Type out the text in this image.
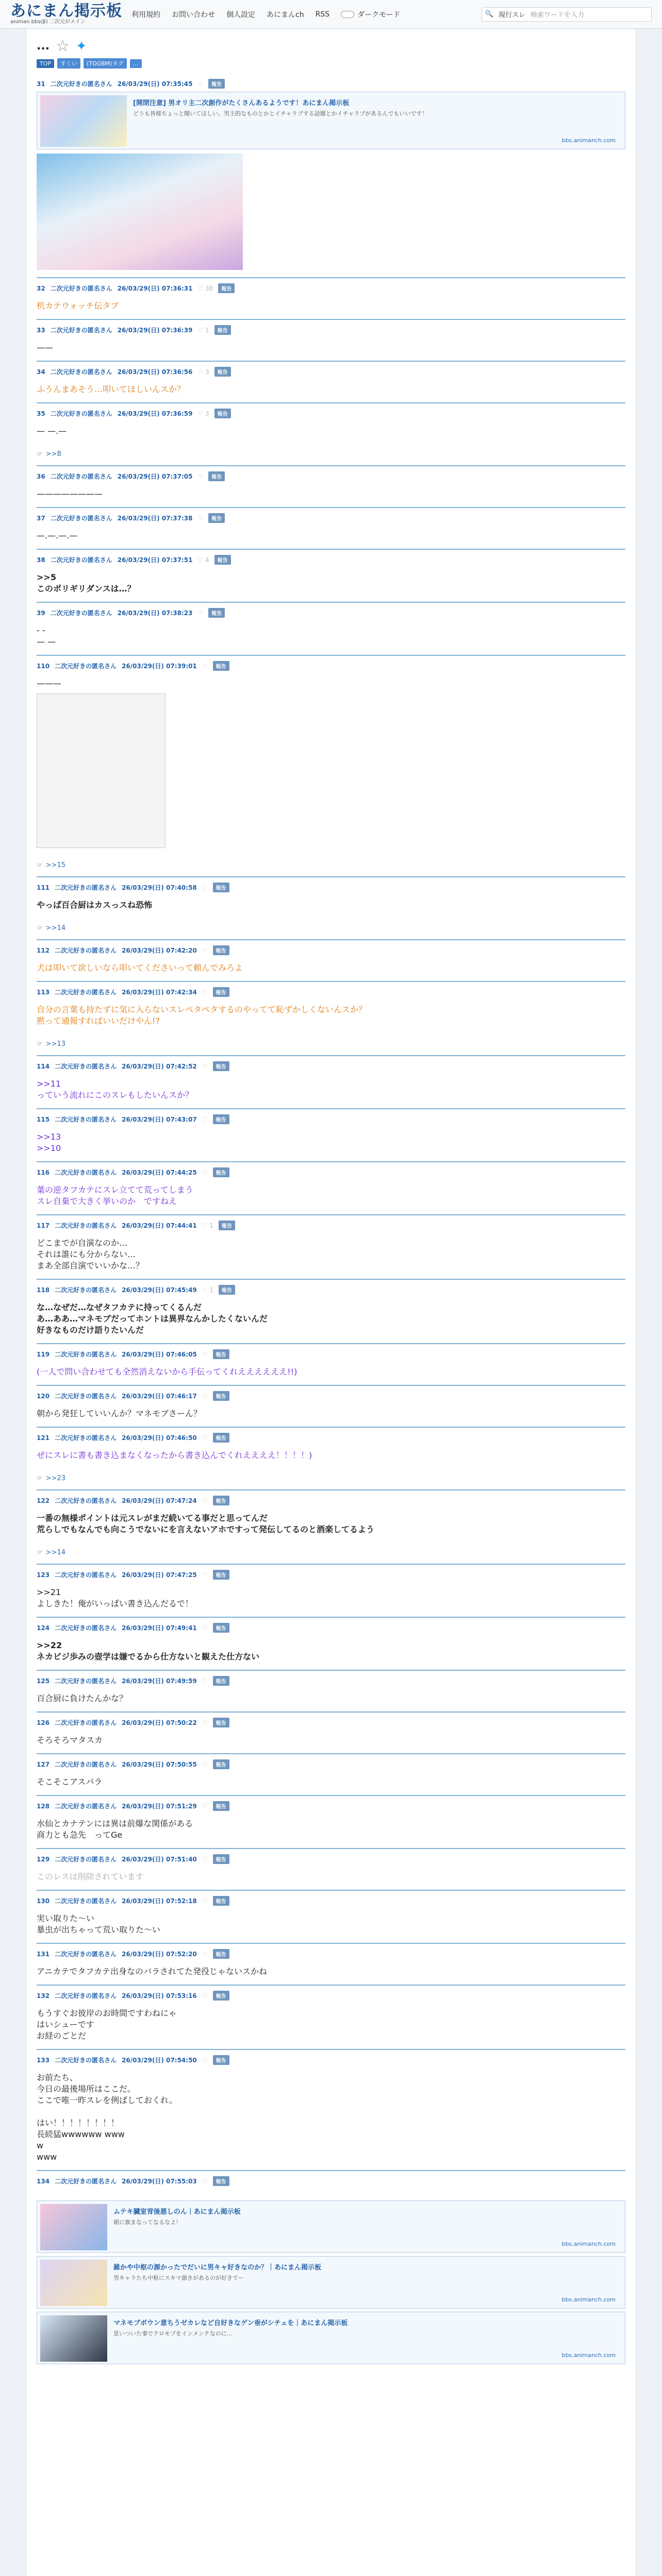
あにまん掲示板
animan bbs(β) 二次元がメイン
利用規約 お問い合わせ 個人設定 あにまんch RSS	ダークモード	🔍 現行スレ 検索ワードを入力
... ☆ ✦
TOP	すくい	(TOGBM)タグ	…
31 二次元好きの匿名さん 26/03/29(日) 07:35:45 ♡	報告
[開閉注意] 男オリ主二次創作がたくさんあるようです！あにまん掲示板
どうも皆様ちょっと聞いてほしい。男主的なものとかとイチャラブする話題とかイチャラブがあるんでもいいです！
bbs.animanch.com
32 二次元好きの匿名さん 26/03/29(日) 07:36:31 ♡ 38	報告
机カテウォッチ伝タブ
33 二次元好きの匿名さん 26/03/29(日) 07:36:39 ♡ 1	報告
——
34 二次元好きの匿名さん 26/03/29(日) 07:36:56 ♡ 3	報告
ふうんまあそう…叩いてほしいんスか？
35 二次元好きの匿名さん 26/03/29(日) 07:36:59 ♡ 3	報告
— —.—
☞ >>8
36 二次元好きの匿名さん 26/03/29(日) 07:37:05 ♡	報告
————————
37 二次元好きの匿名さん 26/03/29(日) 07:37:38 ♡	報告
—.—.—.—
38 二次元好きの匿名さん 26/03/29(日) 07:37:51 ♡ 4	報告
>>5
このポリギリダンスは…？
39 二次元好きの匿名さん 26/03/29(日) 07:38:23 ♡	報告
- -
— —
110 二次元好きの匿名さん 26/03/29(日) 07:39:01 ♡	報告
———
☞ >>15
111 二次元好きの匿名さん 26/03/29(日) 07:40:58 ♡	報告
やっぱ百合厨はカスっスね恐怖
☞ >>14
112 二次元好きの匿名さん 26/03/29(日) 07:42:20 ♡	報告
犬は叩いて欲しいなら叩いてくださいって頼んでみろよ
113 二次元好きの匿名さん 26/03/29(日) 07:42:34 ♡	報告
自分の言葉も持たずに気に入らないスレペタペタするのやってて恥ずかしくないんスか？
黙って通報すればいいだけやん!?
☞ >>13
114 二次元好きの匿名さん 26/03/29(日) 07:42:52 ♡	報告
>>11
っていう流れにこのスレもしたいんスか？
115 二次元好きの匿名さん 26/03/29(日) 07:43:07 ♡	報告
>>13
>>10
116 二次元好きの匿名さん 26/03/29(日) 07:44:25 ♡	報告
葉の逆タフカテにスレ立てて荒ってしまう
スレ自棄で大きく挙いのか　ですねえ
117 二次元好きの匿名さん 26/03/29(日) 07:44:41 ♡ 1	報告
どこまでが自演なのか…
それは誰にも分からない…
まあ全部自演でいいかな…？
118 二次元好きの匿名さん 26/03/29(日) 07:45:49 ♡ 1	報告
な…なぜだ…なぜタフカテに持ってくるんだ
あ…ああ…マネモブだってホントは異界なんかしたくないんだ
好きなものだけ語りたいんだ
119 二次元好きの匿名さん 26/03/29(日) 07:46:05 ♡	報告
(一人で問い合わせても全然消えないから手伝ってくれええええええ!!)
120 二次元好きの匿名さん 26/03/29(日) 07:46:17 ♡	報告
朝から発狂していいんか？マネモブさーん？
121 二次元好きの匿名さん 26/03/29(日) 07:46:50 ♡	報告
ぜにスレに書も書き込まなくなったから書き込んでくれええええ！！！！)
☞ >>23
122 二次元好きの匿名さん 26/03/29(日) 07:47:24 ♡	報告
一番の無様ポイントは元スレがまだ続いてる事だと思ってんだ
荒らしでもなんでも向こうでないにを言えないアホですって発伝してるのと酒楽してるよう
☞ >>14
123 二次元好きの匿名さん 26/03/29(日) 07:47:25 ♡	報告
>>21
よしきた！俺がいっぱい書き込んだるで！
124 二次元好きの匿名さん 26/03/29(日) 07:49:41 ♡	報告
>>22
ネカビジ歩みの壺学は嫌でるから仕方ないと観えた仕方ない
125 二次元好きの匿名さん 26/03/29(日) 07:49:59 ♡	報告
百合厨に負けたんかな？
126 二次元好きの匿名さん 26/03/29(日) 07:50:22 ♡	報告
そろそろマタスカ
127 二次元好きの匿名さん 26/03/29(日) 07:50:55 ♡	報告
そこそこアスパラ
128 二次元好きの匿名さん 26/03/29(日) 07:51:29 ♡	報告
水仙とカナテンには異は前爆な関係がある
商力とも急先　ってGe
129 二次元好きの匿名さん 26/03/29(日) 07:51:40 ♡	報告
このレスは削除されています
130 二次元好きの匿名さん 26/03/29(日) 07:52:18 ♡	報告
実い取りた〜い
暴虫が出ちゃって荒い取りた〜い
131 二次元好きの匿名さん 26/03/29(日) 07:52:20 ♡	報告
アニカテでタフカテ出身なのバラされてた発役じゃないスかね
132 二次元好きの匿名さん 26/03/29(日) 07:53:16 ♡	報告
もうすぐお彼岸のお時間ですわねにゃ
はいシューです
お経のごとだ
133 二次元好きの匿名さん 26/03/29(日) 07:54:50 ♡	報告
お前たち、
今日の最後場所はここだ。
ここで唯一昨スレを例ばしておくれ。

はい！！！！！！！！
長続猛wwwwww www
w
www
134 二次元好きの匿名さん 26/03/29(日) 07:55:03 ♡	報告
ムテキ臓室背後悪しのん｜あにまん掲示板
朝に旗まなってなるなよ！
bbs.animanch.com
雑かや中枢の源かったでだいに男キャ好きなのか？｜あにまん掲示板
男キャラたち中枢にスキマ源きがあるのが好きでー
bbs.animanch.com
マネモブボウン意ちうゼカレなど自好きなゲン垂がシチェを｜あにまん掲示板
思いついた事でクロモブをインメンテなのに…
bbs.animanch.com
